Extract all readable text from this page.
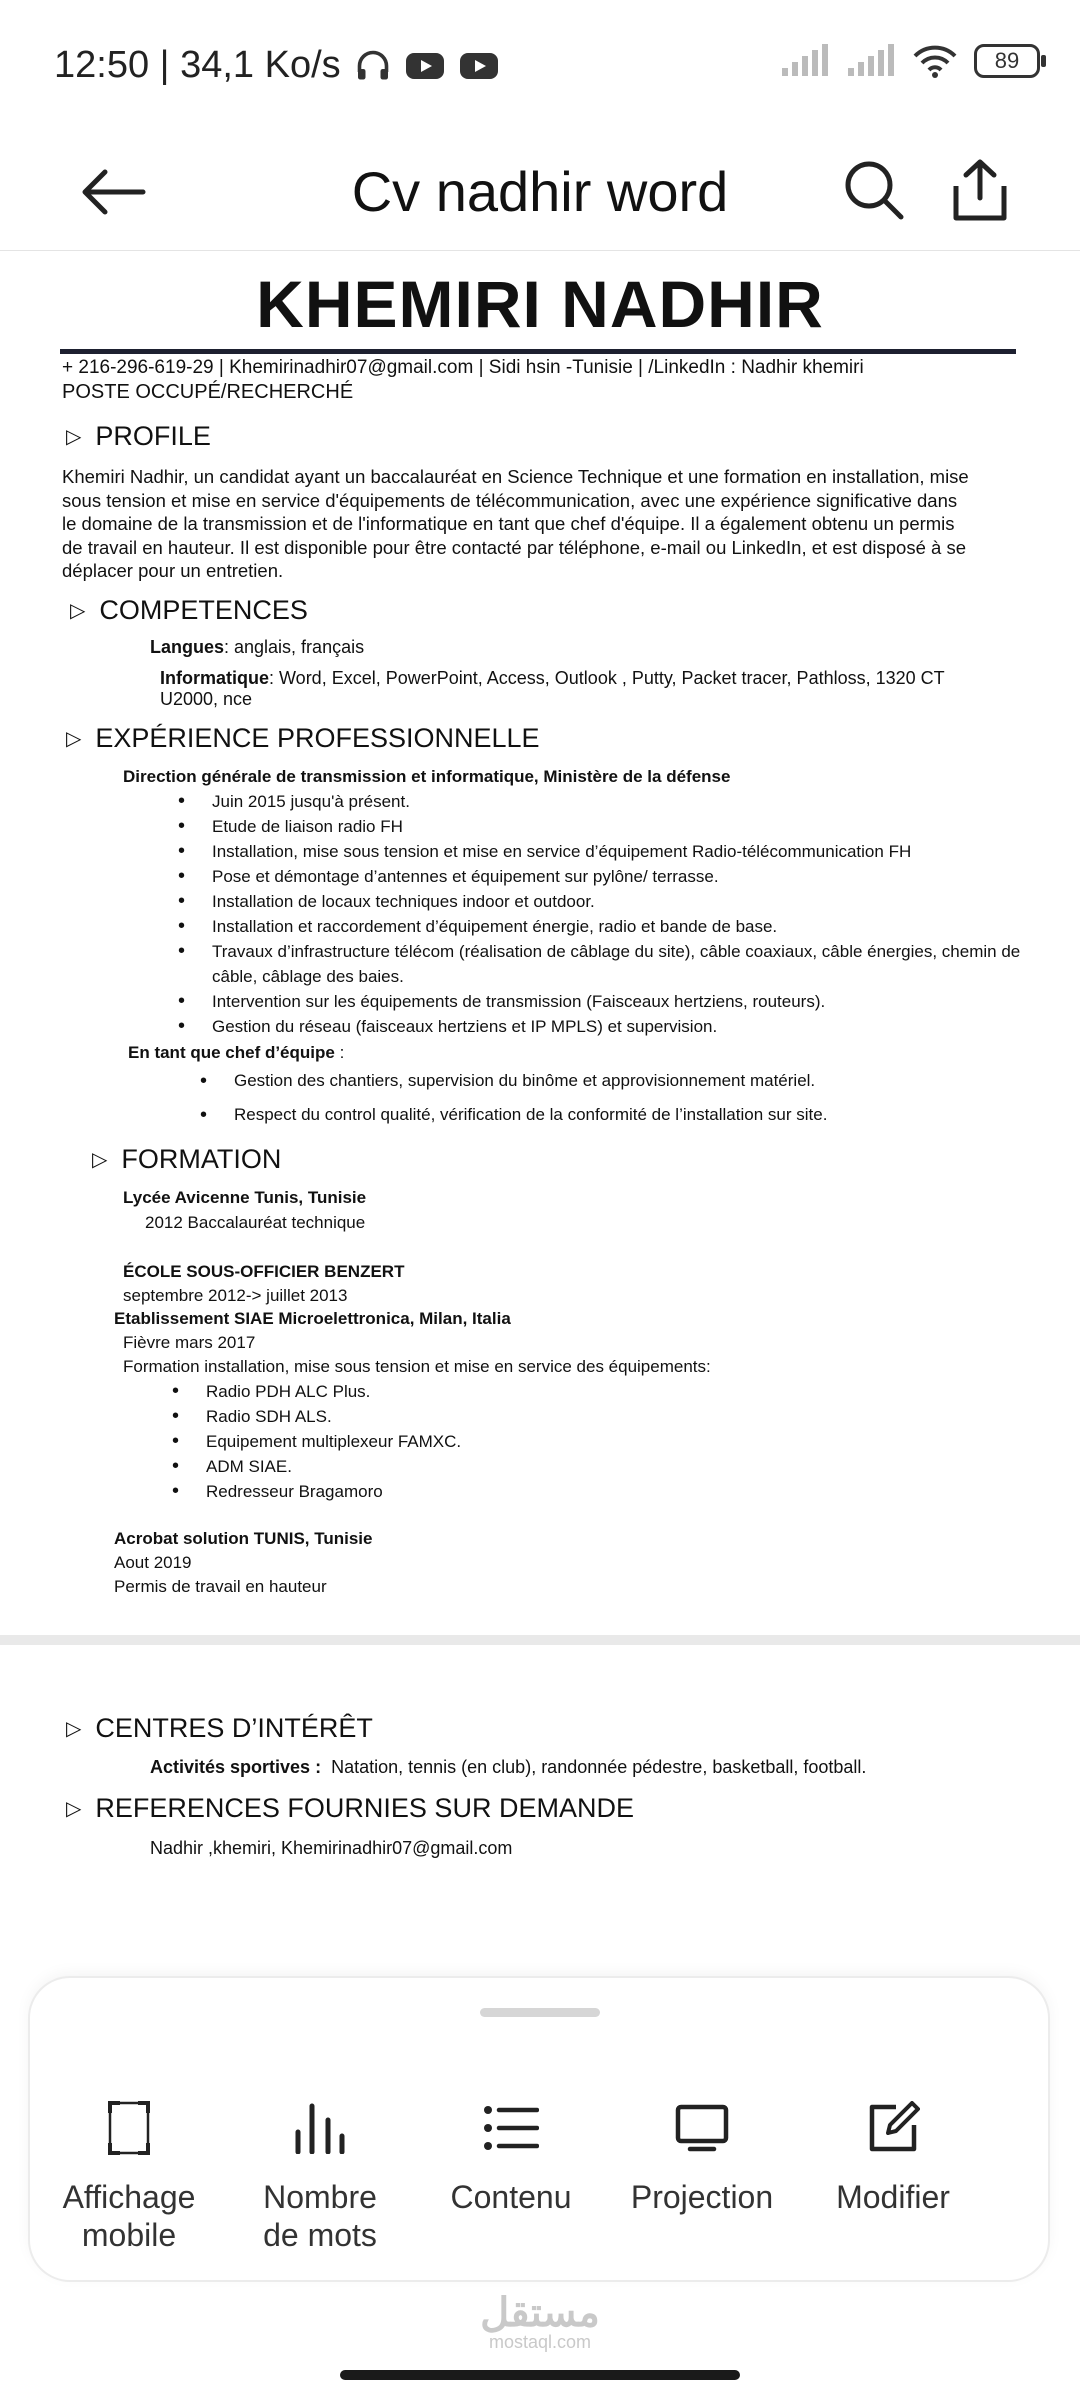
12:50 | 34,1 Ko/s	89
Cv nadhir word
KHEMIRI NADHIR
+ 216-296-619-29 | Khemirinadhir07@gmail.com | Sidi hsin -Tunisie | /LinkedIn : Nadhir khemiri
POSTE OCCUPÉ/RECHERCHÉ
▷ PROFILE
Khemiri Nadhir, un candidat ayant un baccalauréat en Science Technique et une formation en installation, mise
sous tension et mise en service d'équipements de télécommunication, avec une expérience significative dans
le domaine de la transmission et de l'informatique en tant que chef d'équipe. Il a également obtenu un permis
de travail en hauteur. Il est disponible pour être contacté par téléphone, e-mail ou LinkedIn, et est disposé à se
déplacer pour un entretien.
▷ COMPETENCES
Langues: anglais, français
Informatique: Word, Excel, PowerPoint, Access, Outlook , Putty, Packet tracer, Pathloss, 1320 CT
U2000, nce
▷ EXPÉRIENCE PROFESSIONNELLE
Direction générale de transmission et informatique, Ministère de la défense
• Juin 2015 jusqu'à présent.
• Etude de liaison radio FH
• Installation, mise sous tension et mise en service d’équipement Radio-télécommunication FH
• Pose et démontage d’antennes et équipement sur pylône/ terrasse.
• Installation de locaux techniques indoor et outdoor.
• Installation et raccordement d’équipement énergie, radio et bande de base.
• Travaux d’infrastructure télécom (réalisation de câblage du site), câble coaxiaux, câble énergies, chemin de
câble, câblage des baies.
• Intervention sur les équipements de transmission (Faisceaux hertziens, routeurs).
• Gestion du réseau (faisceaux hertziens et IP MPLS) et supervision.
En tant que chef d’équipe :
• Gestion des chantiers, supervision du binôme et approvisionnement matériel.
• Respect du control qualité, vérification de la conformité de l’installation sur site.
▷ FORMATION
Lycée Avicenne Tunis, Tunisie
2012 Baccalauréat technique
ÉCOLE SOUS-OFFICIER BENZERT
septembre 2012-> juillet 2013
Etablissement SIAE Microelettronica, Milan, Italia
Fièvre mars 2017
Formation installation, mise sous tension et mise en service des équipements:
• Radio PDH ALC Plus.
• Radio SDH ALS.
• Equipement multiplexeur FAMXC.
• ADM SIAE.
• Redresseur Bragamoro
Acrobat solution TUNIS, Tunisie
Aout 2019
Permis de travail en hauteur
▷ CENTRES D’INTÉRÊT
Activités sportives : Natation, tennis (en club), randonnée pédestre, basketball, football.
▷ REFERENCES FOURNIES SUR DEMANDE
Nadhir ,khemiri, Khemirinadhir07@gmail.com
Affichage
mobile
Nombre
de mots
Contenu	Projection	Modifier
مستقل
mostaql.com
